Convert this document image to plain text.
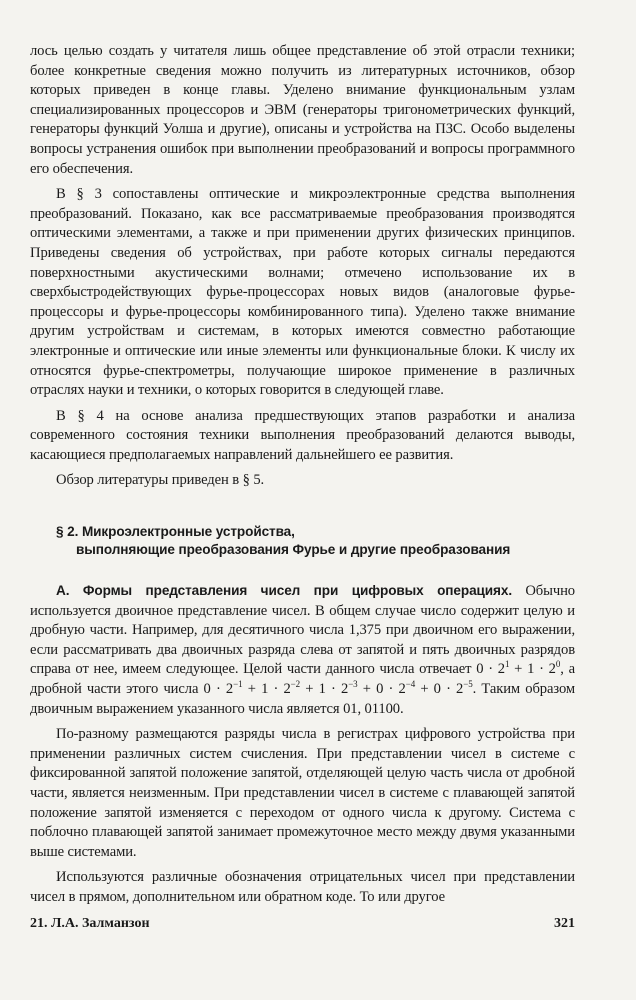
лось целью создать у читателя лишь общее представление об этой отрасли техники; более конкретные сведения можно получить из литературных источников, обзор которых приведен в конце главы. Уделено внимание функциональным узлам специализированных процессоров и ЭВМ (генераторы тригонометрических функций, генераторы функций Уолша и другие), описаны и устройства на ПЗС. Особо выделены вопросы устранения ошибок при выполнении преобразований и вопросы программного его обеспечения.

В § 3 сопоставлены оптические и микроэлектронные средства выполнения преобразований. Показано, как все рассматриваемые преобразования производятся оптическими элементами, а также и при применении других физических принципов. Приведены сведения об устройствах, при работе которых сигналы передаются поверхностными акустическими волнами; отмечено использование их в сверхбыстродействующих фурье-процессорах новых видов (аналоговые фурье-процессоры и фурье-процессоры комбинированного типа). Уделено также внимание другим устройствам и системам, в которых имеются совместно работающие электронные и оптические или иные элементы или функциональные блоки. К числу их относятся фурье-спектрометры, получающие широкое применение в различных отраслях науки и техники, о которых говорится в следующей главе.

В § 4 на основе анализа предшествующих этапов разработки и анализа современного состояния техники выполнения преобразований делаются выводы, касающиеся предполагаемых направлений дальнейшего ее развития.

Обзор литературы приведен в § 5.

§ 2. Микроэлектронные устройства,
выполняющие преобразования Фурье и другие преобразования

А. Формы представления чисел при цифровых операциях. Обычно используется двоичное представление чисел. В общем случае число содержит целую и дробную части. Например, для десятичного числа 1,375 при двоичном его выражении, если рассматривать два двоичных разряда слева от запятой и пять двоичных разрядов справа от нее, имеем следующее. Целой части данного числа отвечает $0 \cdot 2^1 + 1 \cdot 2^0$, а дробной части этого числа $0 \cdot 2^{-1} + 1 \cdot 2^{-2} + 1 \cdot 2^{-3} + 0 \cdot 2^{-4} + 0 \cdot 2^{-5}$. Таким образом двоичным выражением указанного числа является 01, 01100.

По-разному размещаются разряды числа в регистрах цифрового устройства при применении различных систем счисления. При представлении чисел в системе с фиксированной запятой положение запятой, отделяющей целую часть числа от дробной части, является неизменным. При представлении чисел в системе с плавающей запятой положение запятой изменяется с переходом от одного числа к другому. Система с поблочно плавающей запятой занимает промежуточное место между двумя указанными выше системами.

Используются различные обозначения отрицательных чисел при представлении чисел в прямом, дополнительном или обратном коде. То или другое

21. Л.А. Залманзон	321
